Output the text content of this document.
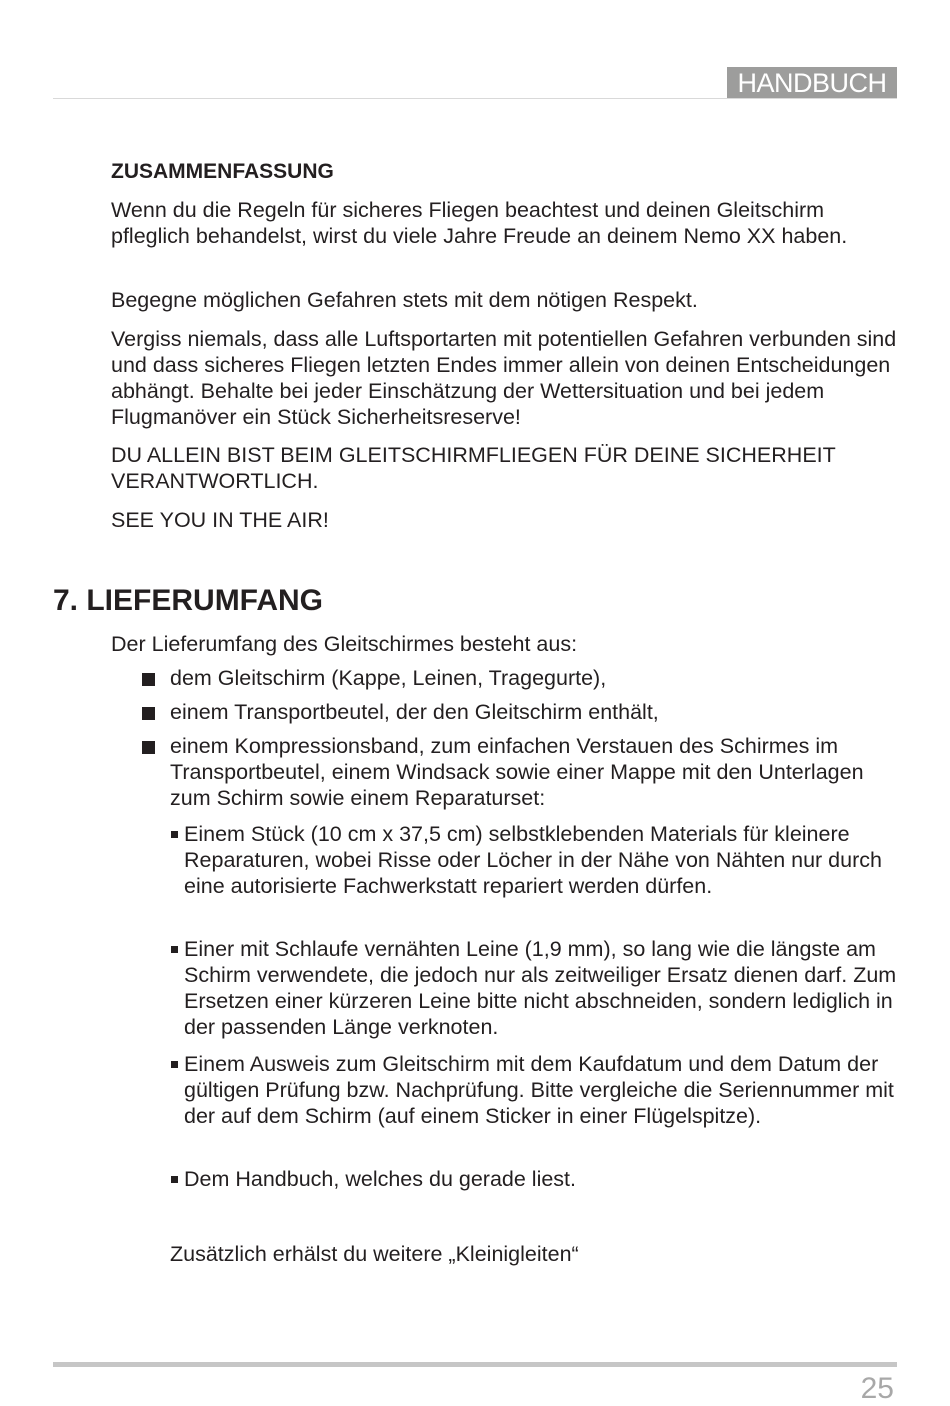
HANDBUCH
ZUSAMMENFASSUNG

Wenn du die Regeln für sicheres Fliegen beachtest und deinen Gleitschirm pfleglich behandelst, wirst du viele Jahre Freude an deinem Nemo XX haben.

Begegne möglichen Gefahren stets mit dem nötigen Respekt.

Vergiss niemals, dass alle Luftsportarten mit potentiellen Gefahren verbunden sind und dass sicheres Fliegen letzten Endes immer allein von deinen Entscheidungen abhängt. Behalte bei jeder Einschätzung der Wettersituation und bei jedem Flugmanöver ein Stück Sicherheitsreserve!

DU ALLEIN BIST BEIM GLEITSCHIRMFLIEGEN FÜR DEINE SICHERHEIT VERANTWORTLICH.

SEE YOU IN THE AIR!

7. LIEFERUMFANG

Der Lieferumfang des Gleitschirmes besteht aus:

dem Gleitschirm (Kappe, Leinen, Tragegurte),
einem Transportbeutel, der den Gleitschirm enthält,
einem Kompressionsband, zum einfachen Verstauen des Schirmes im Transportbeutel, einem Windsack sowie einer Mappe mit den Unterlagen zum Schirm sowie einem Reparaturset:
Einem Stück (10 cm x 37,5 cm) selbstklebenden Materials für kleinere Reparaturen, wobei Risse oder Löcher in der Nähe von Nähten nur durch eine autorisierte Fachwerkstatt repariert werden dürfen.
Einer mit Schlaufe vernähten Leine (1,9 mm), so lang wie die längste am Schirm verwendete, die jedoch nur als zeitweiliger Ersatz dienen darf. Zum Ersetzen einer kürzeren Leine bitte nicht abschneiden, sondern lediglich in der passenden Länge verknoten.
Einem Ausweis zum Gleitschirm mit dem Kaufdatum und dem Datum der gültigen Prüfung bzw. Nachprüfung. Bitte vergleiche die Seriennummer mit der auf dem Schirm (auf einem Sticker in einer Flügelspitze).
Dem Handbuch, welches du gerade liest.

Zusätzlich erhälst du weitere „Kleinigleiten“

25
